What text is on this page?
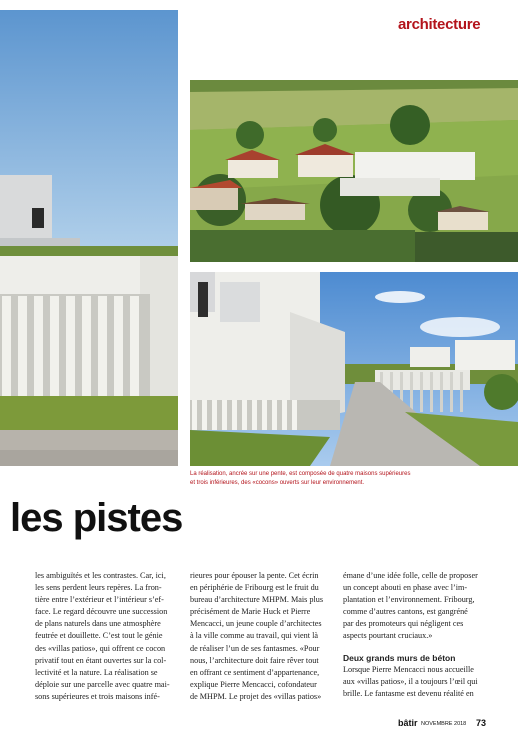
architecture
La réalisation, ancrée sur une pente, est composée de quatre maisons supérieures
et trois inférieures, des «cocons» ouverts sur leur environnement.
les pistes

les ambiguïtés et les contrastes. Car, ici,

les sens perdent leurs repères. La fron-

tière entre l’extérieur et l’intérieur s’ef-

face. Le regard découvre une succession

de plans naturels dans une atmosphère

feutrée et douillette. C’est tout le génie

des «villas patios», qui offrent ce cocon

privatif tout en étant ouvertes sur la col-

lectivité et la nature. La réalisation se

déploie sur une parcelle avec quatre mai-

sons supérieures et trois maisons infé-

rieures pour épouser la pente. Cet écrin

en périphérie de Fribourg est le fruit du

bureau d’architecture MHPM. Mais plus

précisément de Marie Huck et Pierre

Mencacci, un jeune couple d’architectes

à la ville comme au travail, qui vient là

de réaliser l’un de ses fantasmes. «Pour

nous, l’architecture doit faire rêver tout

en offrant ce sentiment d’appartenance,

explique Pierre Mencacci, cofondateur

de MHPM. Le projet des «villas patios»

émane d’une idée folle, celle de proposer

un concept abouti en phase avec l’im-

plantation et l’environnement. Fribourg,

comme d’autres cantons, est gangréné

par des promoteurs qui négligent ces

aspects pourtant cruciaux.»

Deux grands murs de béton

Lorsque Pierre Mencacci nous accueille

aux «villas patios», il a toujours l’œil qui

brille. Le fantasme est devenu réalité en

bâtir NOVEMBRE 2018 73
